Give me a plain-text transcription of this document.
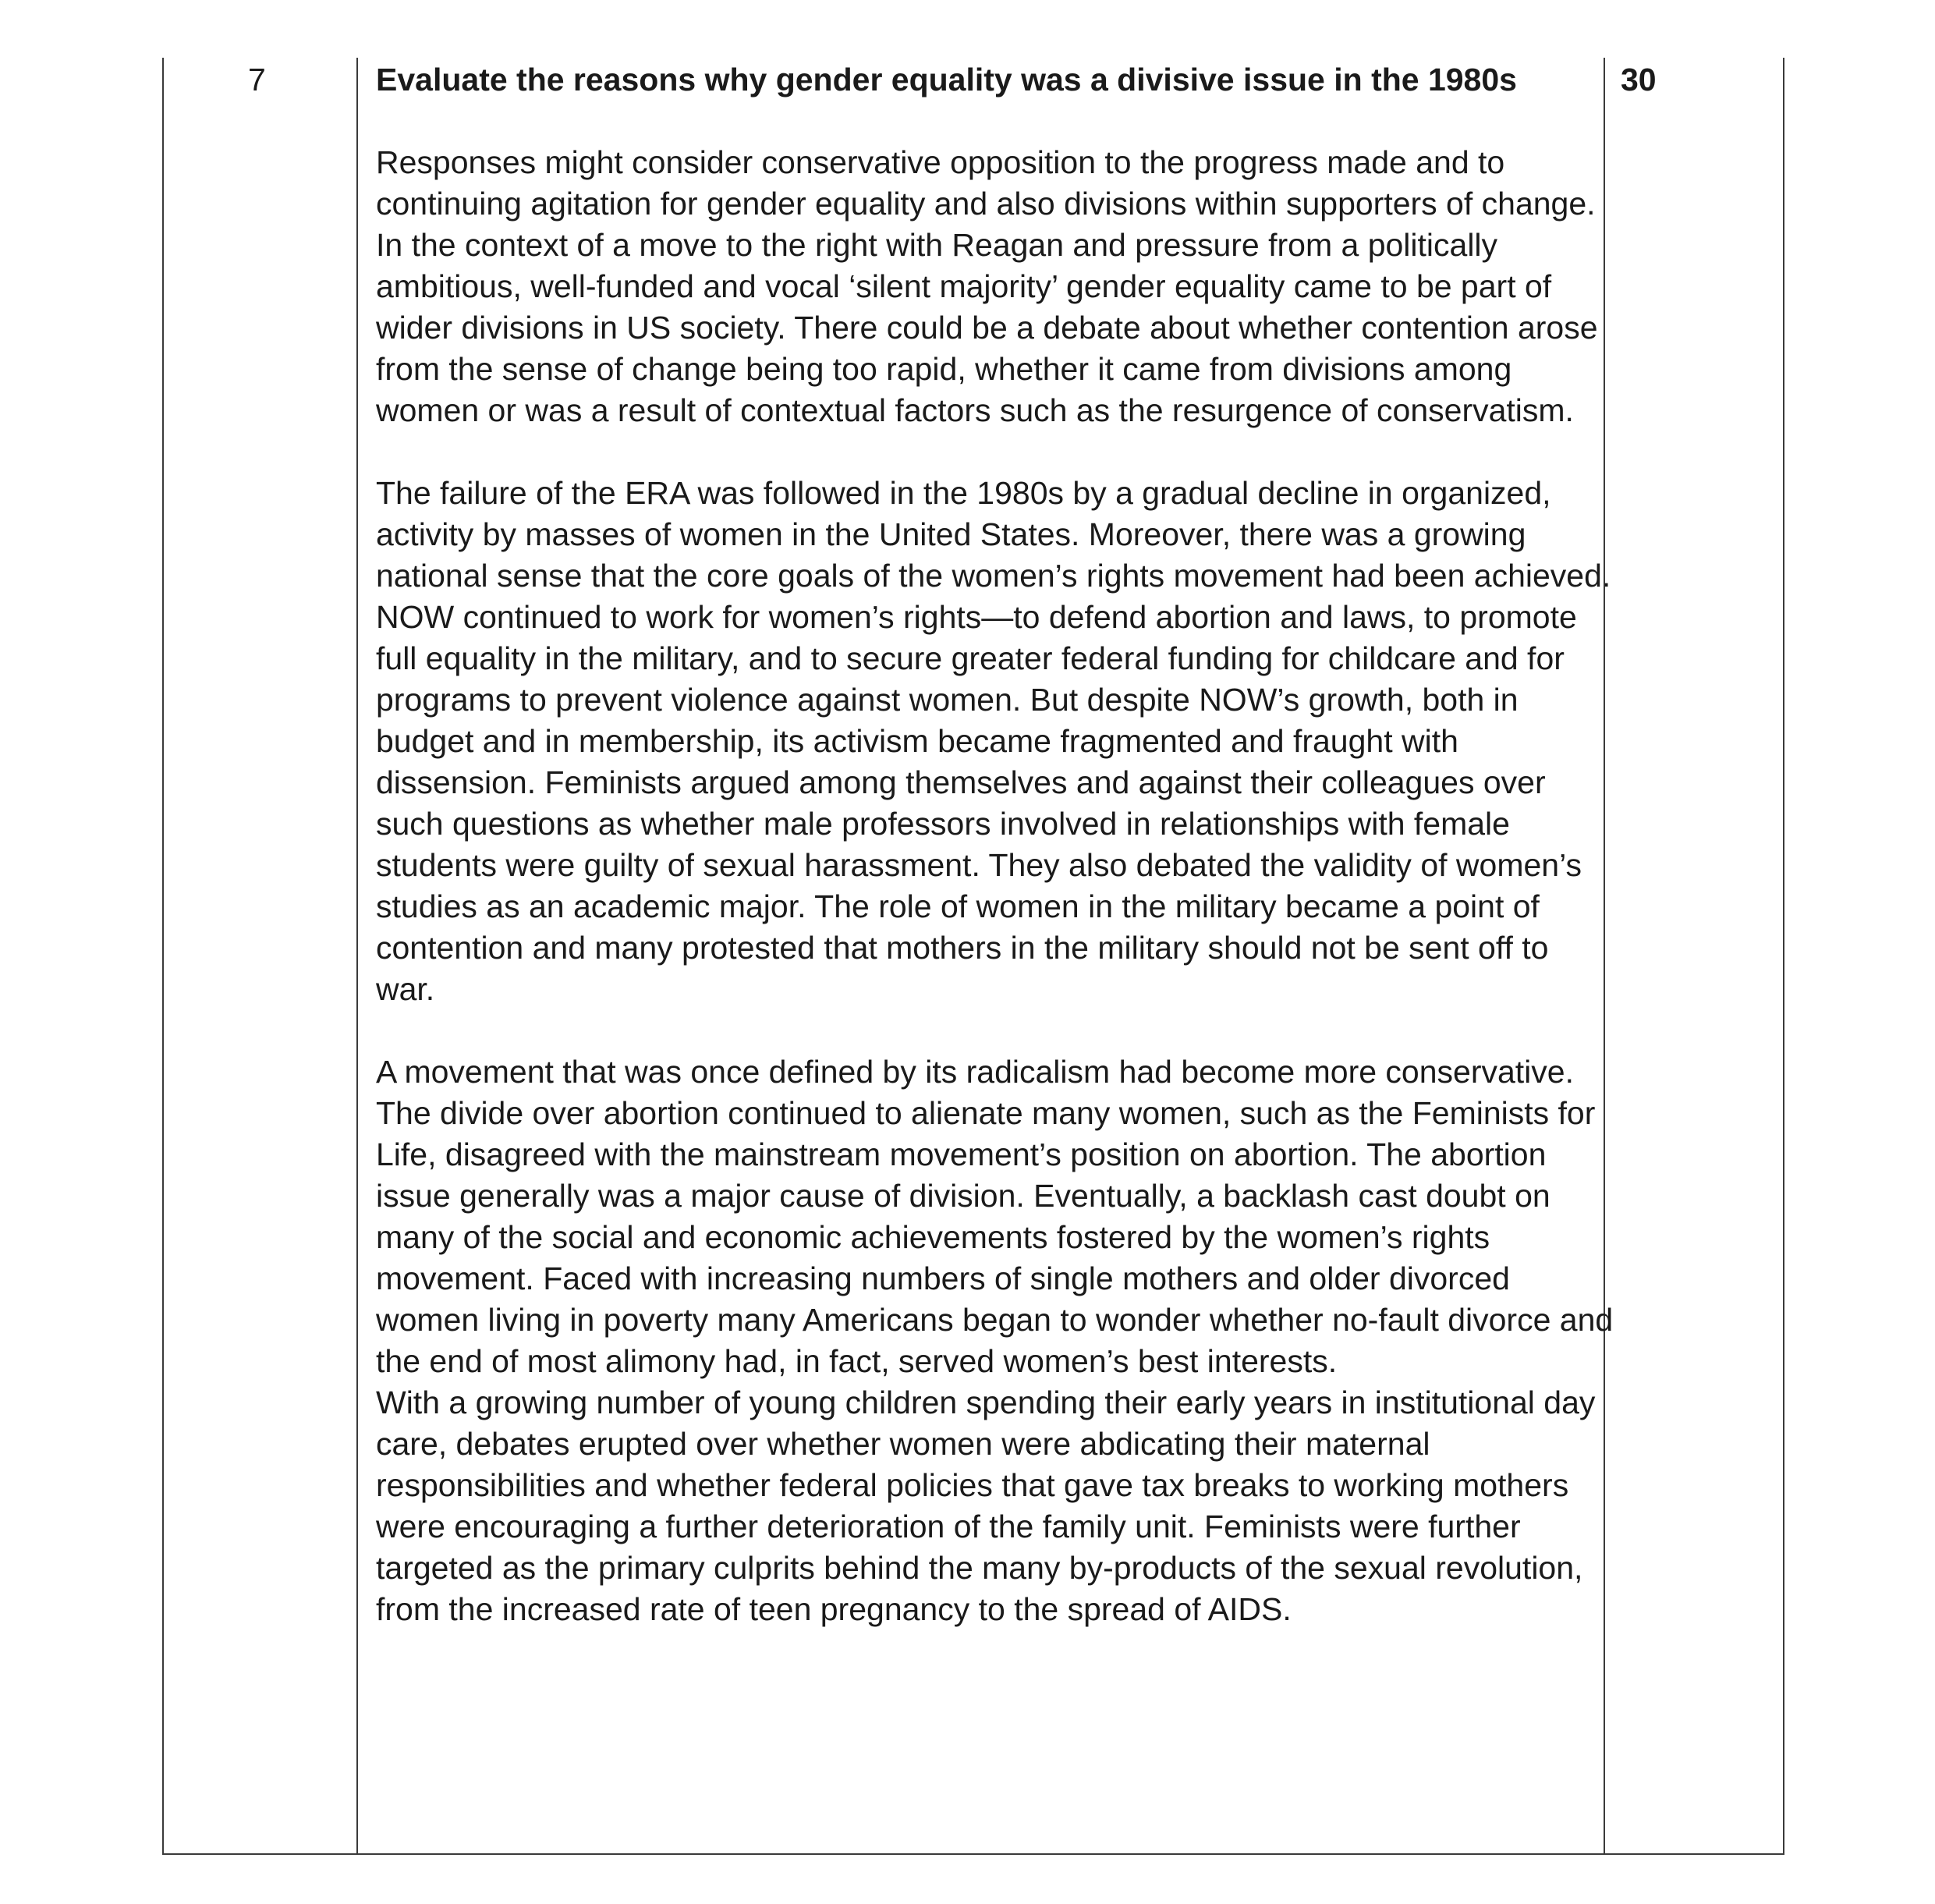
7	Evaluate the reasons why gender equality was a divisive issue in the 1980s

Responses might consider conservative opposition to the progress made and to continuing agitation for gender equality and also divisions within supporters of change. In the context of a move to the right with Reagan and pressure from a politically ambitious, well-funded and vocal ‘silent majority’ gender equality came to be part of wider divisions in US society. There could be a debate about whether contention arose from the sense of change being too rapid, whether it came from divisions among women or was a result of contextual factors such as the resurgence of conservatism.

The failure of the ERA was followed in the 1980s by a gradual decline in organized, activity by masses of women in the United States. Moreover, there was a growing national sense that the core goals of the women’s rights movement had been achieved. NOW continued to work for women’s rights—to defend abortion and laws, to promote full equality in the military, and to secure greater federal funding for childcare and for programs to prevent violence against women. But despite NOW’s growth, both in budget and in membership, its activism became fragmented and fraught with dissension. Feminists argued among themselves and against their colleagues over such questions as whether male professors involved in relationships with female students were guilty of sexual harassment. They also debated the validity of women’s studies as an academic major. The role of women in the military became a point of contention and many protested that mothers in the military should not be sent off to war.

A movement that was once defined by its radicalism had become more conservative. The divide over abortion continued to alienate many women, such as the Feminists for Life, disagreed with the mainstream movement’s position on abortion. The abortion issue generally was a major cause of division. Eventually, a backlash cast doubt on many of the social and economic achievements fostered by the women’s rights movement. Faced with increasing numbers of single mothers and older divorced women living in poverty many Americans began to wonder whether no-fault divorce and the end of most alimony had, in fact, served women’s best interests.

With a growing number of young children spending their early years in institutional day care, debates erupted over whether women were abdicating their maternal responsibilities and whether federal policies that gave tax breaks to working mothers were encouraging a further deterioration of the family unit. Feminists were further targeted as the primary culprits behind the many by-products of the sexual revolution, from the increased rate of teen pregnancy to the spread of AIDS.

30
